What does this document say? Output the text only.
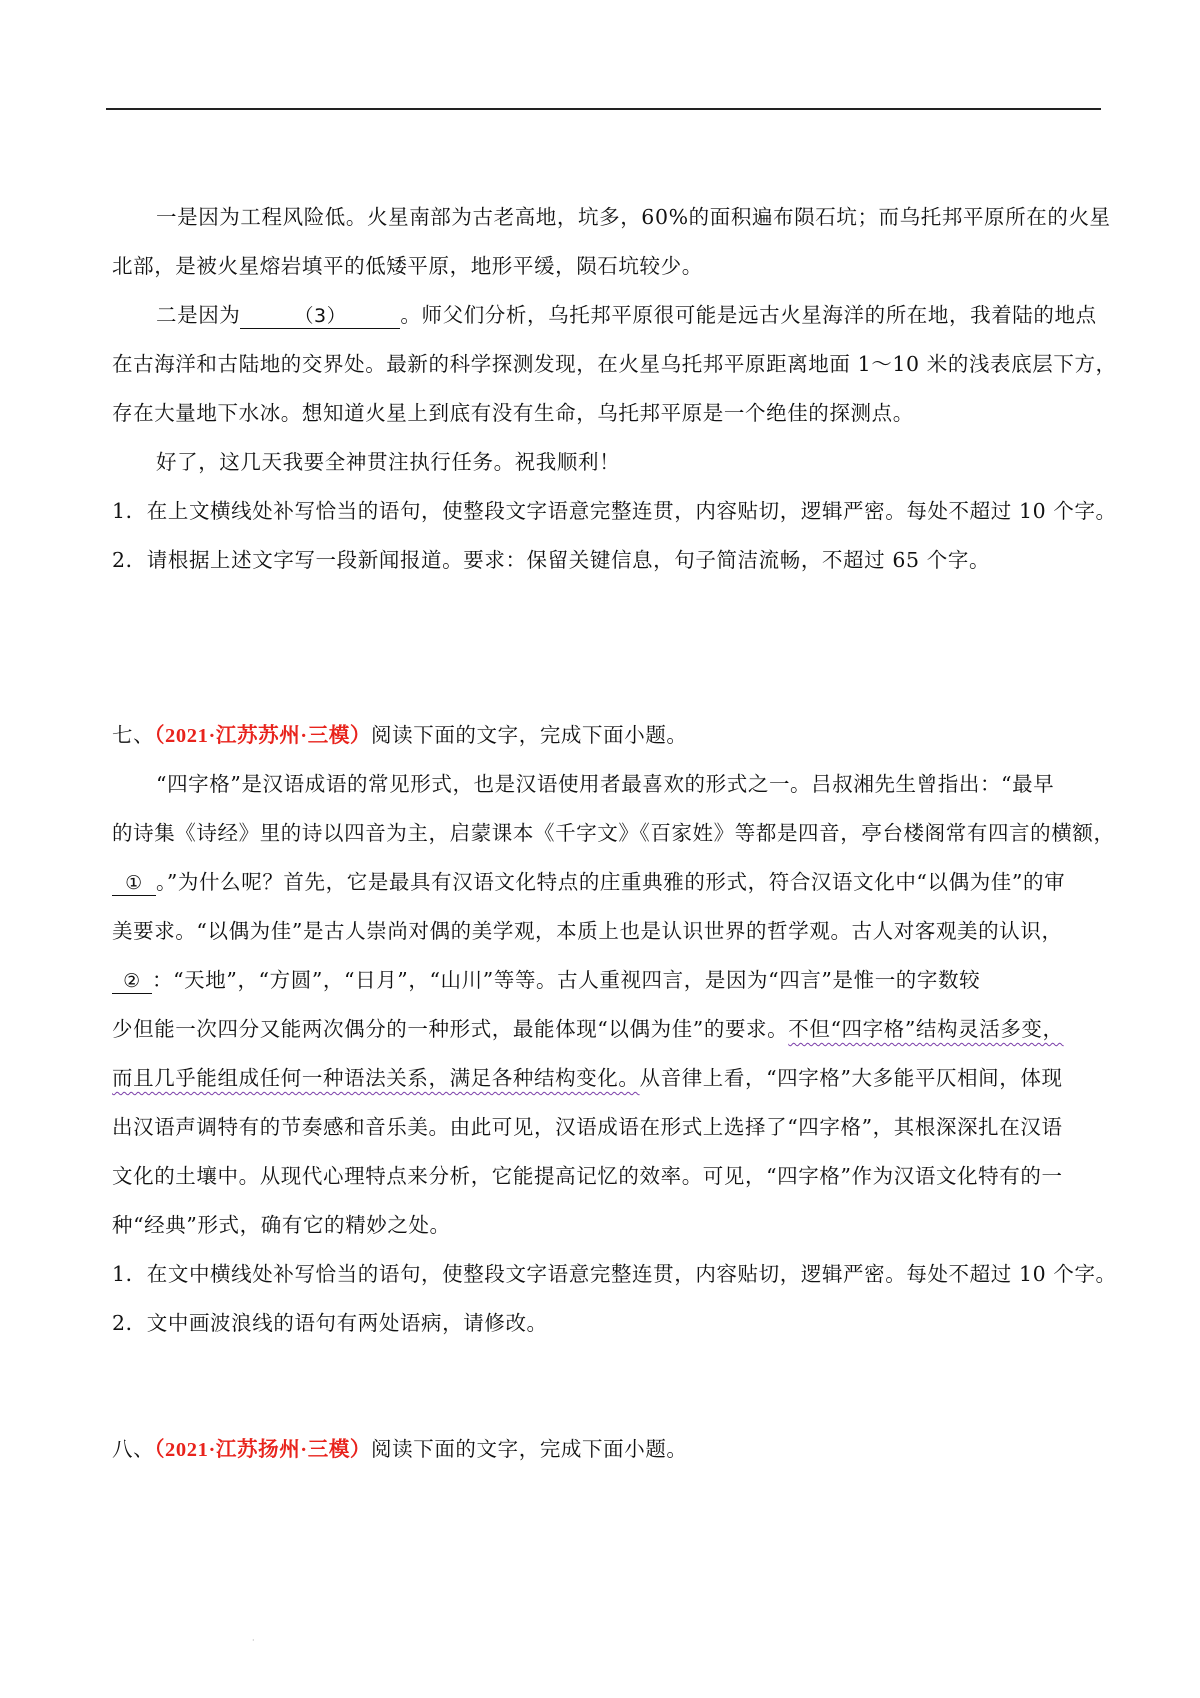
一是因为工程风险低。火星南部为古老高地，坑多，60%的面积遍布陨石坑；而乌托邦平原所在的火星
北部，是被火星熔岩填平的低矮平原，地形平缓，陨石坑较少。
二是因为	（3）	。师父们分析，乌托邦平原很可能是远古火星海洋的所在地，我着陆的地点
在古海洋和古陆地的交界处。最新的科学探测发现，在火星乌托邦平原距离地面 1～10 米的浅表底层下方，
存在大量地下水冰。想知道火星上到底有没有生命，乌托邦平原是一个绝佳的探测点。
好了，这几天我要全神贯注执行任务。祝我顺利！
1．在上文横线处补写恰当的语句，使整段文字语意完整连贯，内容贴切，逻辑严密。每处不超过 10 个字。
2．请根据上述文字写一段新闻报道。要求：保留关键信息，句子简洁流畅，不超过 65 个字。
七、（2021·江苏苏州·三模）阅读下面的文字，完成下面小题。
“四字格”是汉语成语的常见形式，也是汉语使用者最喜欢的形式之一。吕叔湘先生曾指出：“最早
的诗集《诗经》里的诗以四音为主，启蒙课本《千字文》《百家姓》等都是四音，亭台楼阁常有四言的横额，
① 。”为什么呢？首先，它是最具有汉语文化特点的庄重典雅的形式，符合汉语文化中“以偶为佳”的审
美要求。“以偶为佳”是古人崇尚对偶的美学观，本质上也是认识世界的哲学观。古人对客观美的认识，
② ：“天地”，“方圆”，“日月”，“山川”等等。古人重视四言，是因为“四言”是惟一的字数较
少但能一次四分又能两次偶分的一种形式，最能体现“以偶为佳”的要求。不但“四字格”结构灵活多变，
而且几乎能组成任何一种语法关系，满足各种结构变化。从音律上看，“四字格”大多能平仄相间，体现
出汉语声调特有的节奏感和音乐美。由此可见，汉语成语在形式上选择了“四字格”，其根深深扎在汉语
文化的土壤中。从现代心理特点来分析，它能提高记忆的效率。可见，“四字格”作为汉语文化特有的一
种“经典”形式，确有它的精妙之处。
1．在文中横线处补写恰当的语句，使整段文字语意完整连贯，内容贴切，逻辑严密。每处不超过 10 个字。
2．文中画波浪线的语句有两处语病，请修改。
八、（2021·江苏扬州·三模）阅读下面的文字，完成下面小题。
·
